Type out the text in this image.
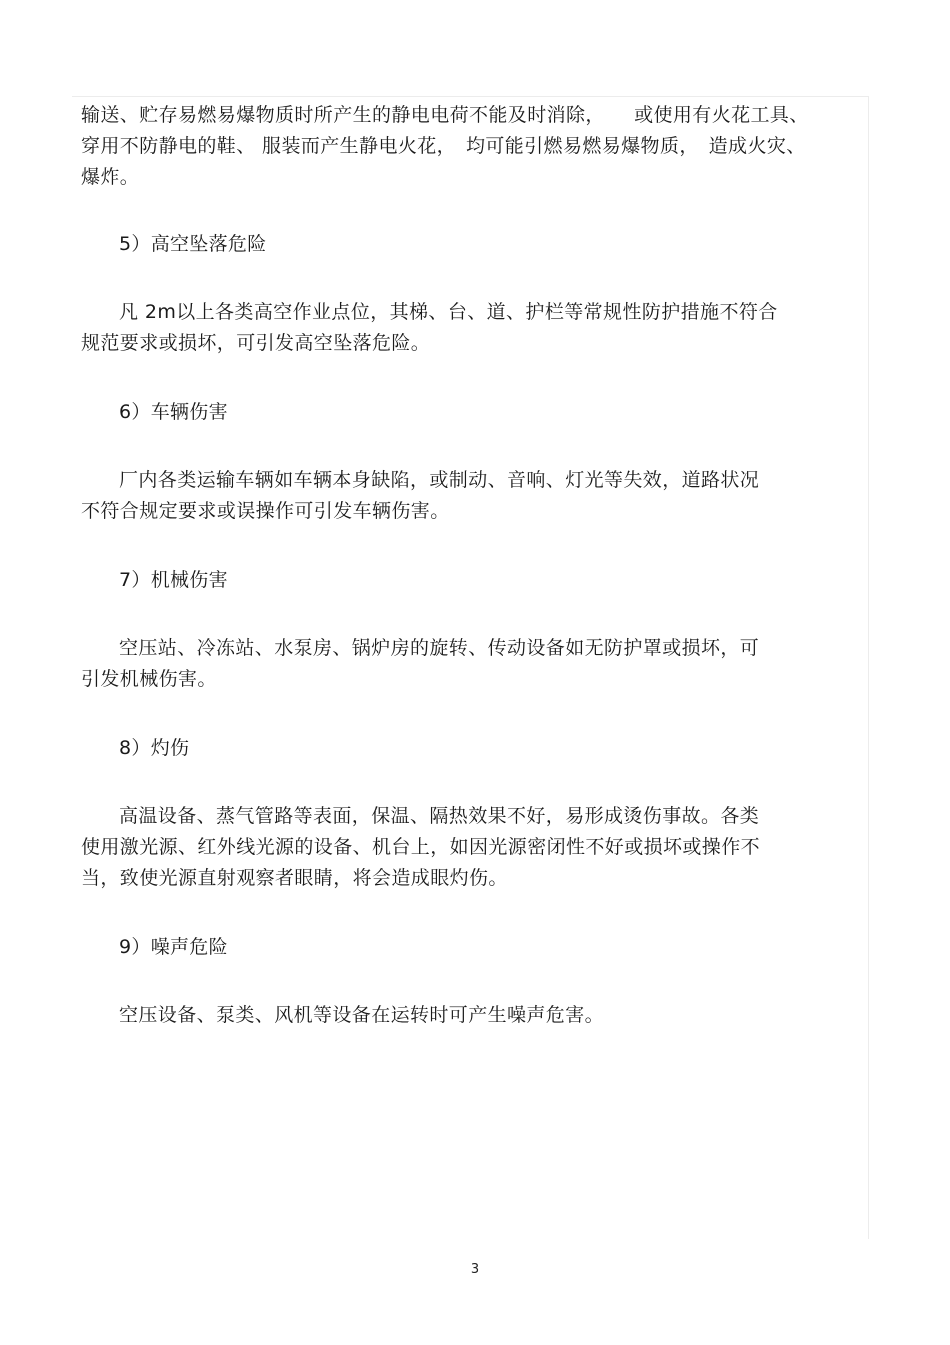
输送、贮存易燃易爆物质时所产生的静电电荷不能及时消除，　　或使用有火花工具、
穿用不防静电的鞋、 服装而产生静电火花，　均可能引燃易燃易爆物质，　造成火灾、
爆炸。

5）高空坠落危险

凡 2m以上各类高空作业点位，其梯、台、道、护栏等常规性防护措施不符合
规范要求或损坏，可引发高空坠落危险。

6）车辆伤害

厂内各类运输车辆如车辆本身缺陷，或制动、音响、灯光等失效，道路状况
不符合规定要求或误操作可引发车辆伤害。

7）机械伤害

空压站、冷冻站、水泵房、锅炉房的旋转、传动设备如无防护罩或损坏，可
引发机械伤害。

8）灼伤

高温设备、蒸气管路等表面，保温、隔热效果不好，易形成烫伤事故。各类
使用激光源、红外线光源的设备、机台上，如因光源密闭性不好或损坏或操作不
当，致使光源直射观察者眼睛，将会造成眼灼伤。

9）噪声危险

空压设备、泵类、风机等设备在运转时可产生噪声危害。

3
